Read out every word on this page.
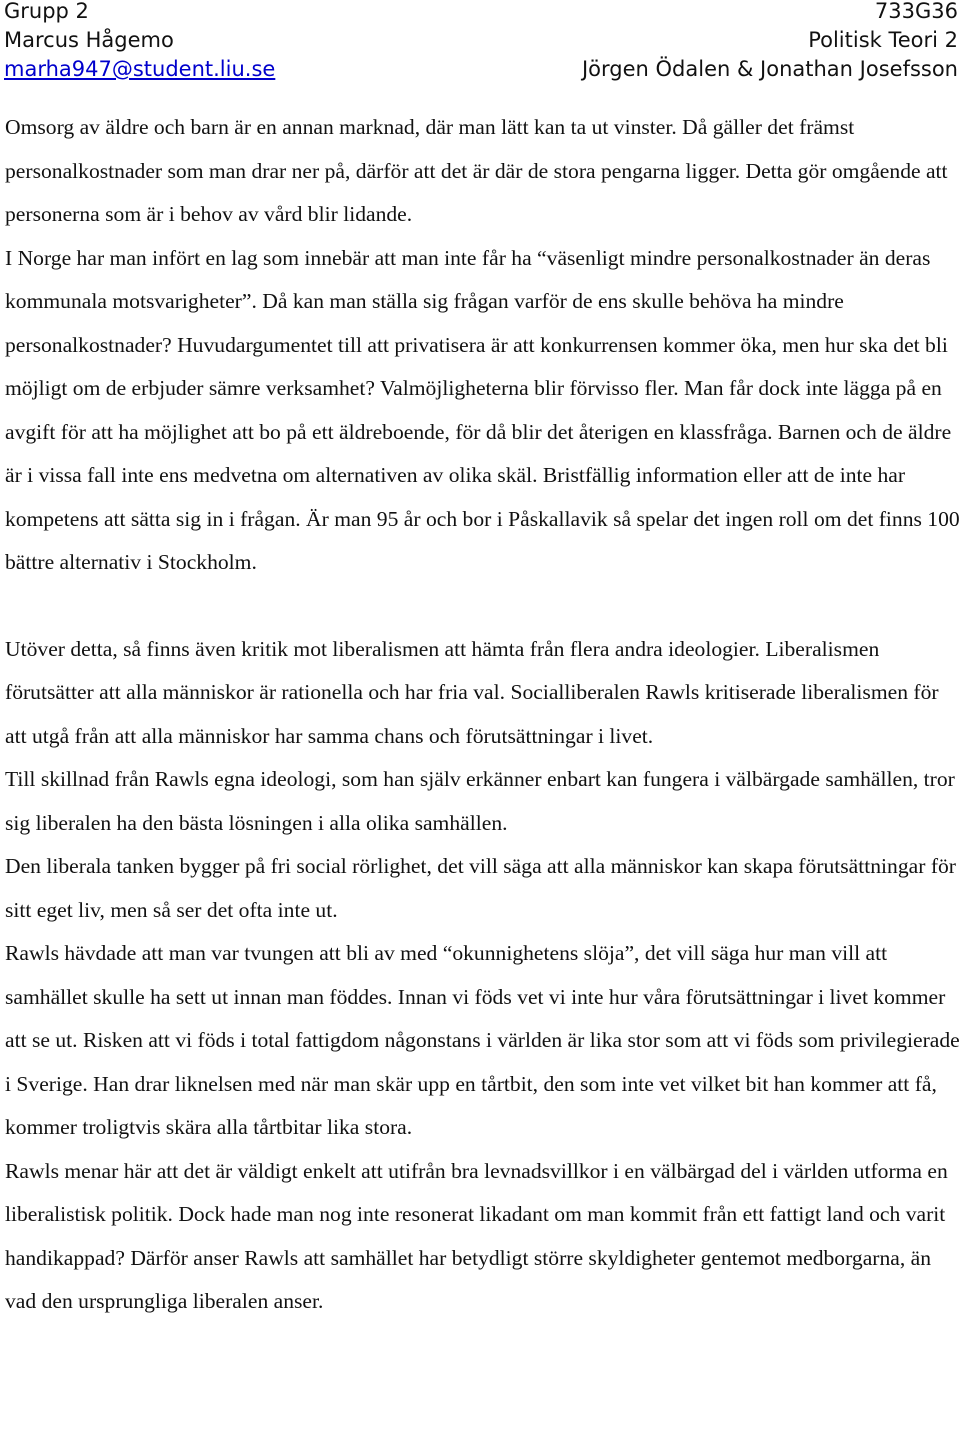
Grupp 2
Marcus Hågemo
marha947@student.liu.se
733G36
Politisk Teori 2
Jörgen Ödalen & Jonathan Josefsson

Omsorg av äldre och barn är en annan marknad, där man lätt kan ta ut vinster. Då gäller det främst personalkostnader som man drar ner på, därför att det är där de stora pengarna ligger. Detta gör omgående att personerna som är i behov av vård blir lidande.

I Norge har man infört en lag som innebär att man inte får ha “väsenligt mindre personalkostnader än deras kommunala motsvarigheter”. Då kan man ställa sig frågan varför de ens skulle behöva ha mindre personalkostnader? Huvudargumentet till att privatisera är att konkurrensen kommer öka, men hur ska det bli möjligt om de erbjuder sämre verksamhet? Valmöjligheterna blir förvisso fler. Man får dock inte lägga på en avgift för att ha möjlighet att bo på ett äldreboende, för då blir det återigen en klassfråga. Barnen och de äldre är i vissa fall inte ens medvetna om alternativen av olika skäl. Bristfällig information eller att de inte har kompetens att sätta sig in i frågan. Är man 95 år och bor i Påskallavik så spelar det ingen roll om det finns 100 bättre alternativ i Stockholm.

Utöver detta, så finns även kritik mot liberalismen att hämta från flera andra ideologier. Liberalismen förutsätter att alla människor är rationella och har fria val. Socialliberalen Rawls kritiserade liberalismen för att utgå från att alla människor har samma chans och förutsättningar i livet.

Till skillnad från Rawls egna ideologi, som han själv erkänner enbart kan fungera i välbärgade samhällen, tror sig liberalen ha den bästa lösningen i alla olika samhällen.

Den liberala tanken bygger på fri social rörlighet, det vill säga att alla människor kan skapa förutsättningar för sitt eget liv, men så ser det ofta inte ut.

Rawls hävdade att man var tvungen att bli av med “okunnighetens slöja”, det vill säga hur man vill att samhället skulle ha sett ut innan man föddes. Innan vi föds vet vi inte hur våra förutsättningar i livet kommer att se ut. Risken att vi föds i total fattigdom någonstans i världen är lika stor som att vi föds som privilegierade i Sverige. Han drar liknelsen med när man skär upp en tårtbit, den som inte vet vilket bit han kommer att få, kommer troligtvis skära alla tårtbitar lika stora.

Rawls menar här att det är väldigt enkelt att utifrån bra levnadsvillkor i en välbärgad del i världen utforma en liberalistisk politik. Dock hade man nog inte resonerat likadant om man kommit från ett fattigt land och varit handikappad? Därför anser Rawls att samhället har betydligt större skyldigheter gentemot medborgarna, än vad den ursprungliga liberalen anser.
